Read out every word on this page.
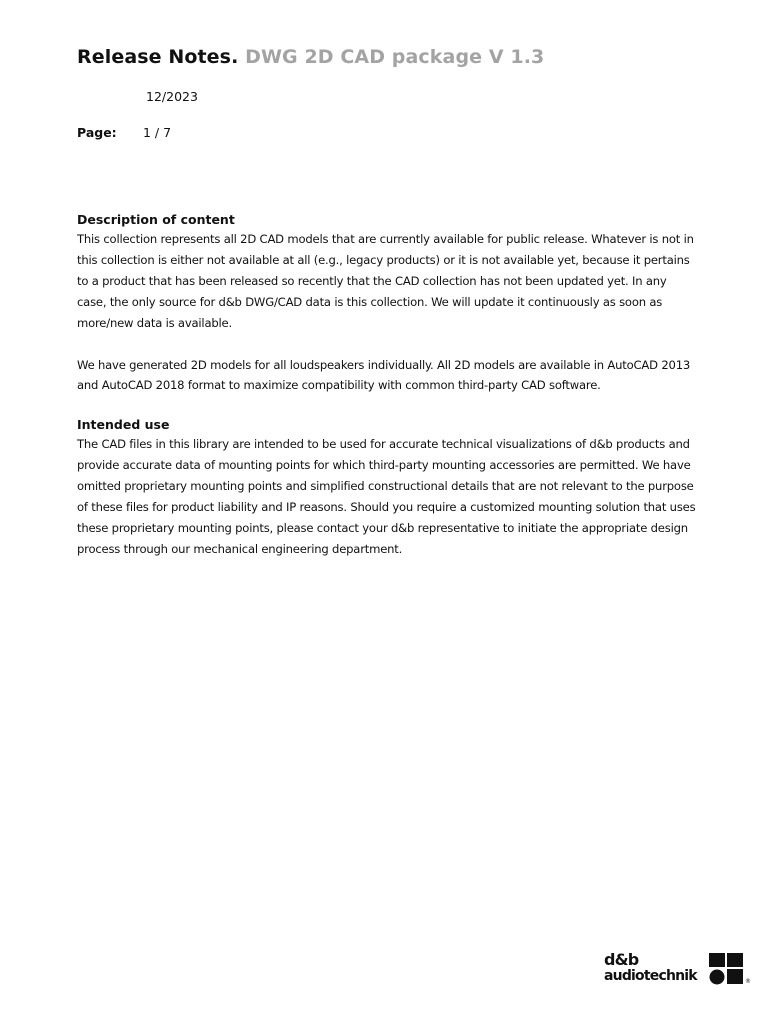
Release Notes. DWG 2D CAD package V 1.3
12/2023
Page: 1 / 7
Description of content

This collection represents all 2D CAD models that are currently available for public release. Whatever is not in this collection is either not available at all (e.g., legacy products) or it is not available yet, because it pertains to a product that has been released so recently that the CAD collection has not been updated yet. In any case, the only source for d&b DWG/CAD data is this collection. We will update it continuously as soon as more/new data is available.

We have generated 2D models for all loudspeakers individually. All 2D models are available in AutoCAD 2013 and AutoCAD 2018 format to maximize compatibility with common third-party CAD software.

Intended use

The CAD files in this library are intended to be used for accurate technical visualizations of d&b products and provide accurate data of mounting points for which third-party mounting accessories are permitted. We have omitted proprietary mounting points and simplified constructional details that are not relevant to the purpose of these files for product liability and IP reasons. Should you require a customized mounting solution that uses these proprietary mounting points, please contact your d&b representative to initiate the appropriate design process through our mechanical engineering department.

d&b
audiotechnik	®
